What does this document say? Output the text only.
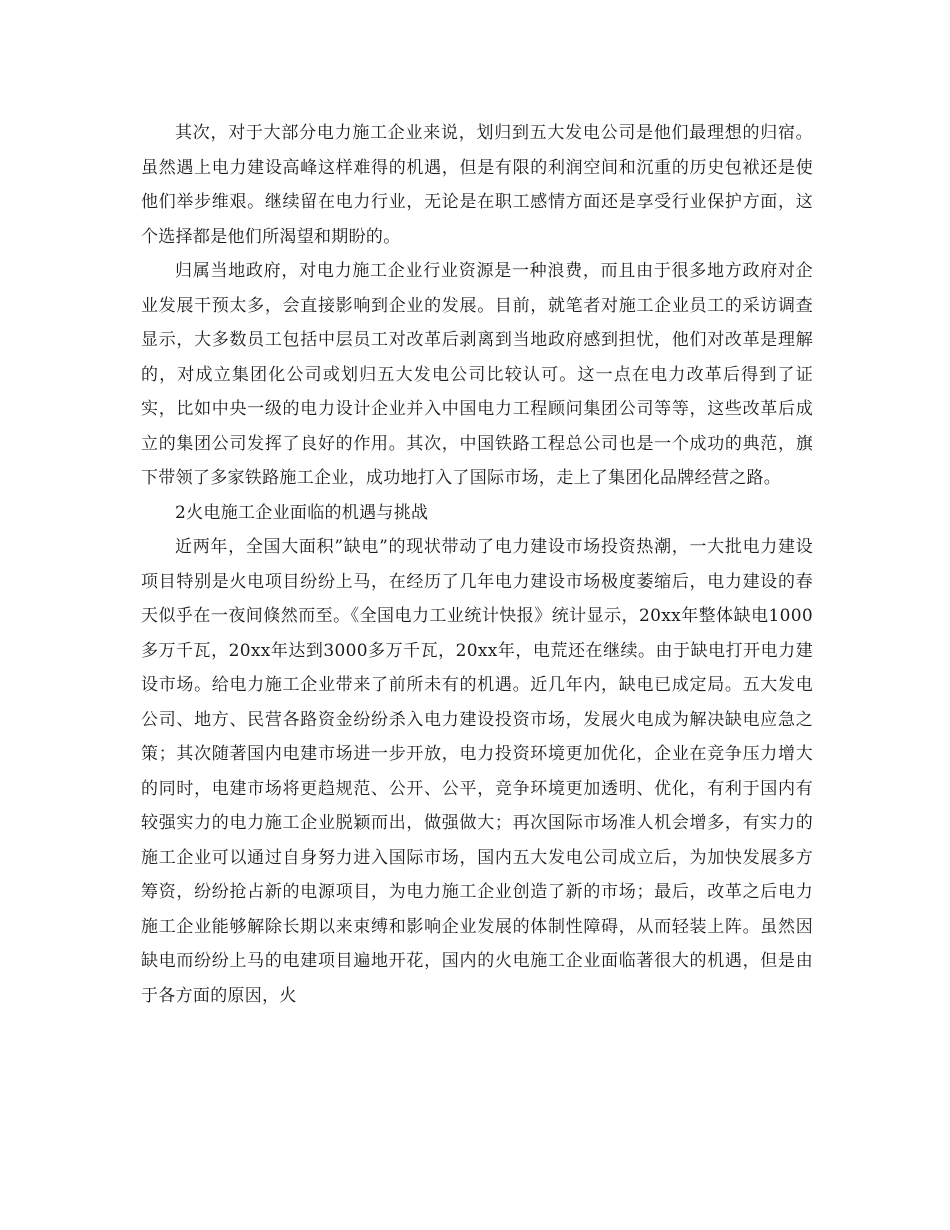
其次，对于大部分电力施工企业来说，划归到五大发电公司是他们最理想的归宿。虽然遇上电力建设高峰这样难得的机遇，但是有限的利润空间和沉重的历史包袱还是使他们举步维艰。继续留在电力行业，无论是在职工感情方面还是享受行业保护方面，这个选择都是他们所渴望和期盼的。

归属当地政府，对电力施工企业行业资源是一种浪费，而且由于很多地方政府对企业发展干预太多，会直接影响到企业的发展。目前，就笔者对施工企业员工的采访调查显示，大多数员工包括中层员工对改革后剥离到当地政府感到担忧，他们对改革是理解的，对成立集团化公司或划归五大发电公司比较认可。这一点在电力改革后得到了证实，比如中央一级的电力设计企业并入中国电力工程顾问集团公司等等，这些改革后成立的集团公司发挥了良好的作用。其次，中国铁路工程总公司也是一个成功的典范，旗下带领了多家铁路施工企业，成功地打入了国际市场，走上了集团化品牌经营之路。

2火电施工企业面临的机遇与挑战

近两年，全国大面积”缺电”的现状带动了电力建设市场投资热潮，一大批电力建设项目特别是火电项目纷纷上马，在经历了几年电力建设市场极度萎缩后，电力建设的春天似乎在一夜间倏然而至。《全国电力工业统计快报》统计显示，20xx年整体缺电1000多万千瓦，20xx年达到3000多万千瓦，20xx年，电荒还在继续。由于缺电打开电力建设市场。给电力施工企业带来了前所未有的机遇。近几年内，缺电已成定局。五大发电公司、地方、民营各路资金纷纷杀入电力建设投资市场，发展火电成为解决缺电应急之策；其次随著国内电建市场进一步开放，电力投资环境更加优化，企业在竞争压力增大的同时，电建市场将更趋规范、公开、公平，竞争环境更加透明、优化，有利于国内有较强实力的电力施工企业脱颖而出，做强做大；再次国际市场准人机会增多，有实力的施工企业可以通过自身努力进入国际市场，国内五大发电公司成立后，为加快发展多方筹资，纷纷抢占新的电源项目，为电力施工企业创造了新的市场；最后，改革之后电力施工企业能够解除长期以来束缚和影响企业发展的体制性障碍，从而轻装上阵。虽然因缺电而纷纷上马的电建项目遍地开花，国内的火电施工企业面临著很大的机遇，但是由于各方面的原因，火
